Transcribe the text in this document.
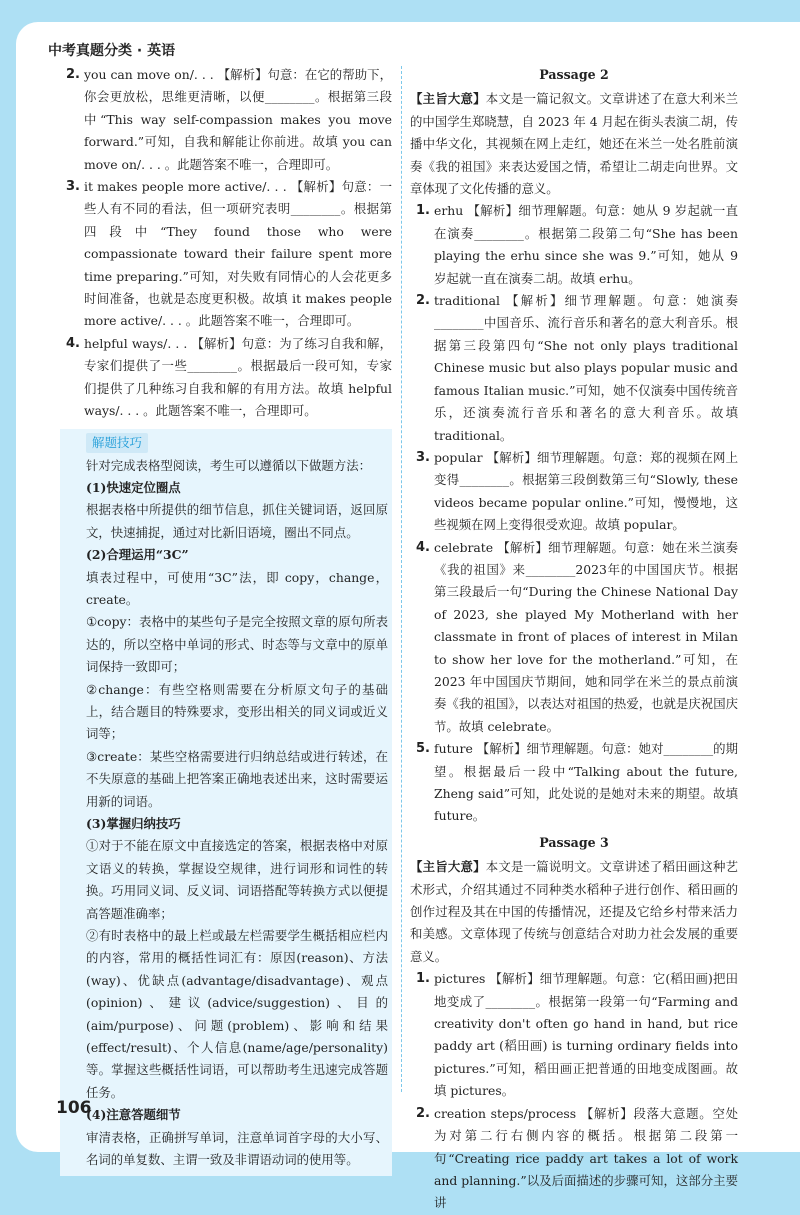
中考真题分类 · 英语
2. you can move on/. . . 【解析】句意：在它的帮助下，你会更放松，思维更清晰，以便________。根据第三段中“This way self-compassion makes you move forward.”可知，自我和解能让你前进。故填 you can move on/. . . 。此题答案不唯一，合理即可。
3. it makes people more active/. . . 【解析】句意：一些人有不同的看法，但一项研究表明________。根据第四段中“They found those who were compassionate toward their failure spent more time preparing.”可知，对失败有同情心的人会花更多时间准备，也就是态度更积极。故填 it makes people more active/. . . 。此题答案不唯一，合理即可。
4. helpful ways/. . . 【解析】句意：为了练习自我和解，专家们提供了一些________。根据最后一段可知，专家们提供了几种练习自我和解的有用方法。故填 helpful ways/. . . 。此题答案不唯一，合理即可。
解题技巧
针对完成表格型阅读，考生可以遵循以下做题方法：
(1)快速定位圈点
根据表格中所提供的细节信息，抓住关键词语，返回原文，快速捕捉，通过对比新旧语境，圈出不同点。
(2)合理运用“3C”
填表过程中，可使用“3C”法，即 copy，change，create。
①copy：表格中的某些句子是完全按照文章的原句所表达的，所以空格中单词的形式、时态等与文章中的原单词保持一致即可；
②change：有些空格则需要在分析原文句子的基础上，结合题目的特殊要求，变形出相关的同义词或近义词等；
③create：某些空格需要进行归纳总结或进行转述，在不失原意的基础上把答案正确地表述出来，这时需要运用新的词语。
(3)掌握归纳技巧
①对于不能在原文中直接选定的答案，根据表格中对原文语义的转换，掌握设空规律，进行词形和词性的转换。巧用同义词、反义词、词语搭配等转换方式以便提高答题准确率；
②有时表格中的最上栏或最左栏需要学生概括相应栏内的内容，常用的概括性词汇有：原因(reason)、方法(way)、优缺点(advantage/disadvantage)、观点(opinion)、建议(advice/suggestion)、目的(aim/purpose)、问题(problem)、影响和结果(effect/result)、个人信息(name/age/personality)等。掌握这些概括性词语，可以帮助考生迅速完成答题任务。
(4)注意答题细节
审清表格，正确拼写单词，注意单词首字母的大小写、名词的单复数、主谓一致及非谓语动词的使用等。
Passage 2
【主旨大意】本文是一篇记叙文。文章讲述了在意大利米兰的中国学生郑晓慧，自 2023 年 4 月起在街头表演二胡，传播中华文化，其视频在网上走红，她还在米兰一处名胜前演奏《我的祖国》来表达爱国之情，希望让二胡走向世界。文章体现了文化传播的意义。
1. erhu 【解析】细节理解题。句意：她从 9 岁起就一直在演奏________。根据第二段第二句“She has been playing the erhu since she was 9.”可知，她从 9 岁起就一直在演奏二胡。故填 erhu。
2. traditional 【解析】细节理解题。句意：她演奏________中国音乐、流行音乐和著名的意大利音乐。根据第三段第四句“She not only plays traditional Chinese music but also plays popular music and famous Italian music.”可知，她不仅演奏中国传统音乐，还演奏流行音乐和著名的意大利音乐。故填 traditional。
3. popular 【解析】细节理解题。句意：郑的视频在网上变得________。根据第三段倒数第三句“Slowly, these videos became popular online.”可知，慢慢地，这些视频在网上变得很受欢迎。故填 popular。
4. celebrate 【解析】细节理解题。句意：她在米兰演奏《我的祖国》来________2023年的中国国庆节。根据第三段最后一句“During the Chinese National Day of 2023, she played My Motherland with her classmate in front of places of interest in Milan to show her love for the motherland.”可知，在 2023 年中国国庆节期间，她和同学在米兰的景点前演奏《我的祖国》，以表达对祖国的热爱，也就是庆祝国庆节。故填 celebrate。
5. future 【解析】细节理解题。句意：她对________的期望。根据最后一段中“Talking about the future, Zheng said”可知，此处说的是她对未来的期望。故填 future。
Passage 3
【主旨大意】本文是一篇说明文。文章讲述了稻田画这种艺术形式，介绍其通过不同种类水稻种子进行创作、稻田画的创作过程及其在中国的传播情况，还提及它给乡村带来活力和美感。文章体现了传统与创意结合对助力社会发展的重要意义。
1. pictures 【解析】细节理解题。句意：它(稻田画)把田地变成了________。根据第一段第一句“Farming and creativity don't often go hand in hand, but rice paddy art (稻田画) is turning ordinary fields into pictures.”可知，稻田画正把普通的田地变成图画。故填 pictures。
2. creation steps/process 【解析】段落大意题。空处为对第二行右侧内容的概括。根据第二段第一句“Creating rice paddy art takes a lot of work and planning.”以及后面描述的步骤可知，这部分主要讲
106
